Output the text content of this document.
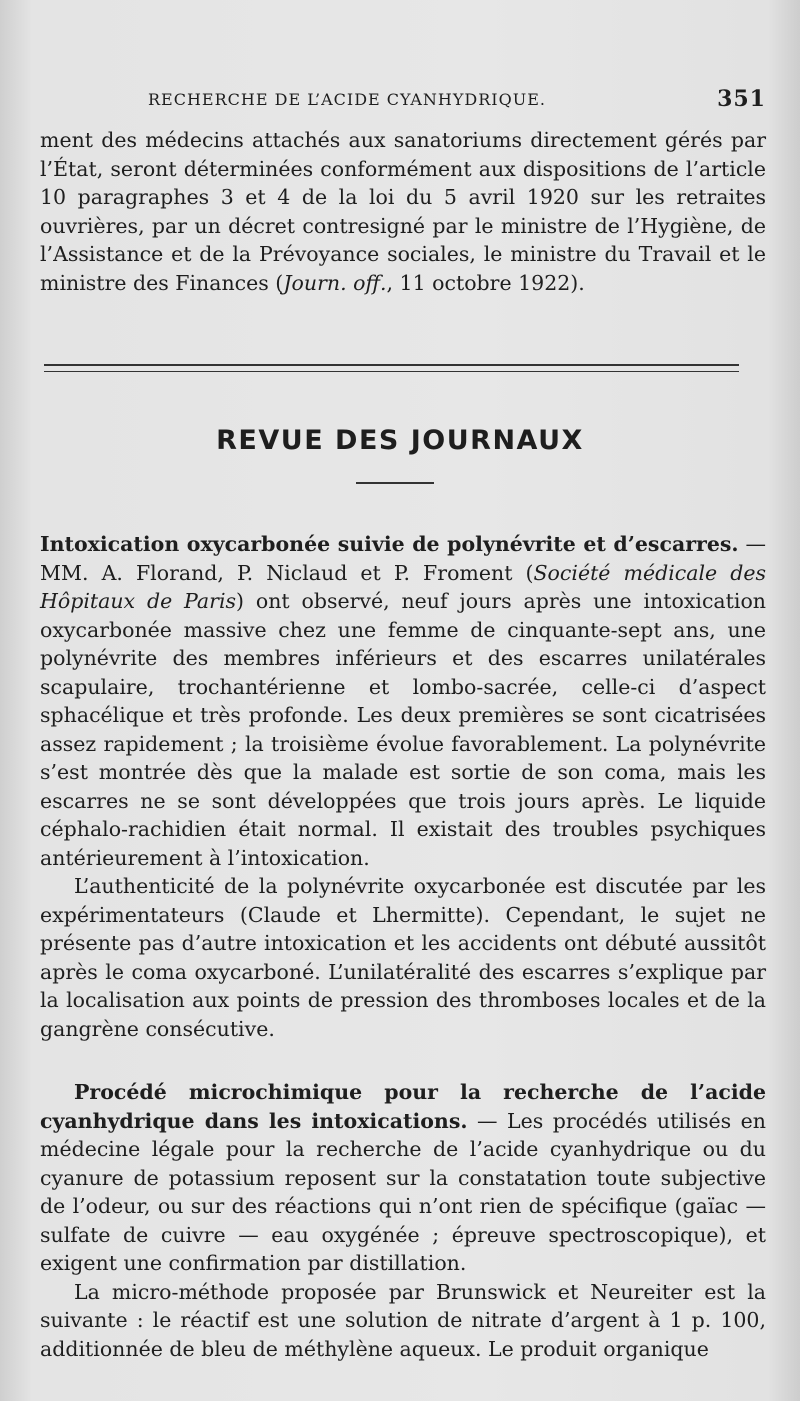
RECHERCHE DE L’ACIDE CYANHYDRIQUE.	351

ment des médecins attachés aux sanatoriums directement gérés par l’État, seront déterminées conformément aux dispositions de l’article 10 paragraphes 3 et 4 de la loi du 5 avril 1920 sur les retraites ouvrières, par un décret contresigné par le ministre de l’Hygiène, de l’Assistance et de la Prévoyance sociales, le ministre du Travail et le ministre des Finances (Journ. off., 11 octobre 1922).

REVUE DES JOURNAUX

Intoxication oxycarbonée suivie de polynévrite et d’escarres. — MM. A. Florand, P. Niclaud et P. Froment (Société médicale des Hôpitaux de Paris) ont observé, neuf jours après une intoxication oxycarbonée massive chez une femme de cinquante-sept ans, une polynévrite des membres inférieurs et des escarres unilatérales scapulaire, trochantérienne et lombo-sacrée, celle-ci d’aspect sphacélique et très profonde. Les deux premières se sont cicatrisées assez rapidement ; la troisième évolue favorablement. La polynévrite s’est montrée dès que la malade est sortie de son coma, mais les escarres ne se sont développées que trois jours après. Le liquide céphalo-rachidien était normal. Il existait des troubles psychiques antérieurement à l’intoxication.

L’authenticité de la polynévrite oxycarbonée est discutée par les expérimentateurs (Claude et Lhermitte). Cependant, le sujet ne présente pas d’autre intoxication et les accidents ont débuté aussitôt après le coma oxycarboné. L’unilatéralité des escarres s’explique par la localisation aux points de pression des thromboses locales et de la gangrène consécutive.

Procédé microchimique pour la recherche de l’acide cyanhydrique dans les intoxications. — Les procédés utilisés en médecine légale pour la recherche de l’acide cyanhydrique ou du cyanure de potassium reposent sur la constatation toute subjective de l’odeur, ou sur des réactions qui n’ont rien de spécifique (gaïac — sulfate de cuivre — eau oxygénée ; épreuve spectroscopique), et exigent une confirmation par distillation.

La micro-méthode proposée par Brunswick et Neureiter est la suivante : le réactif est une solution de nitrate d’argent à 1 p. 100, additionnée de bleu de méthylène aqueux. Le produit organique
